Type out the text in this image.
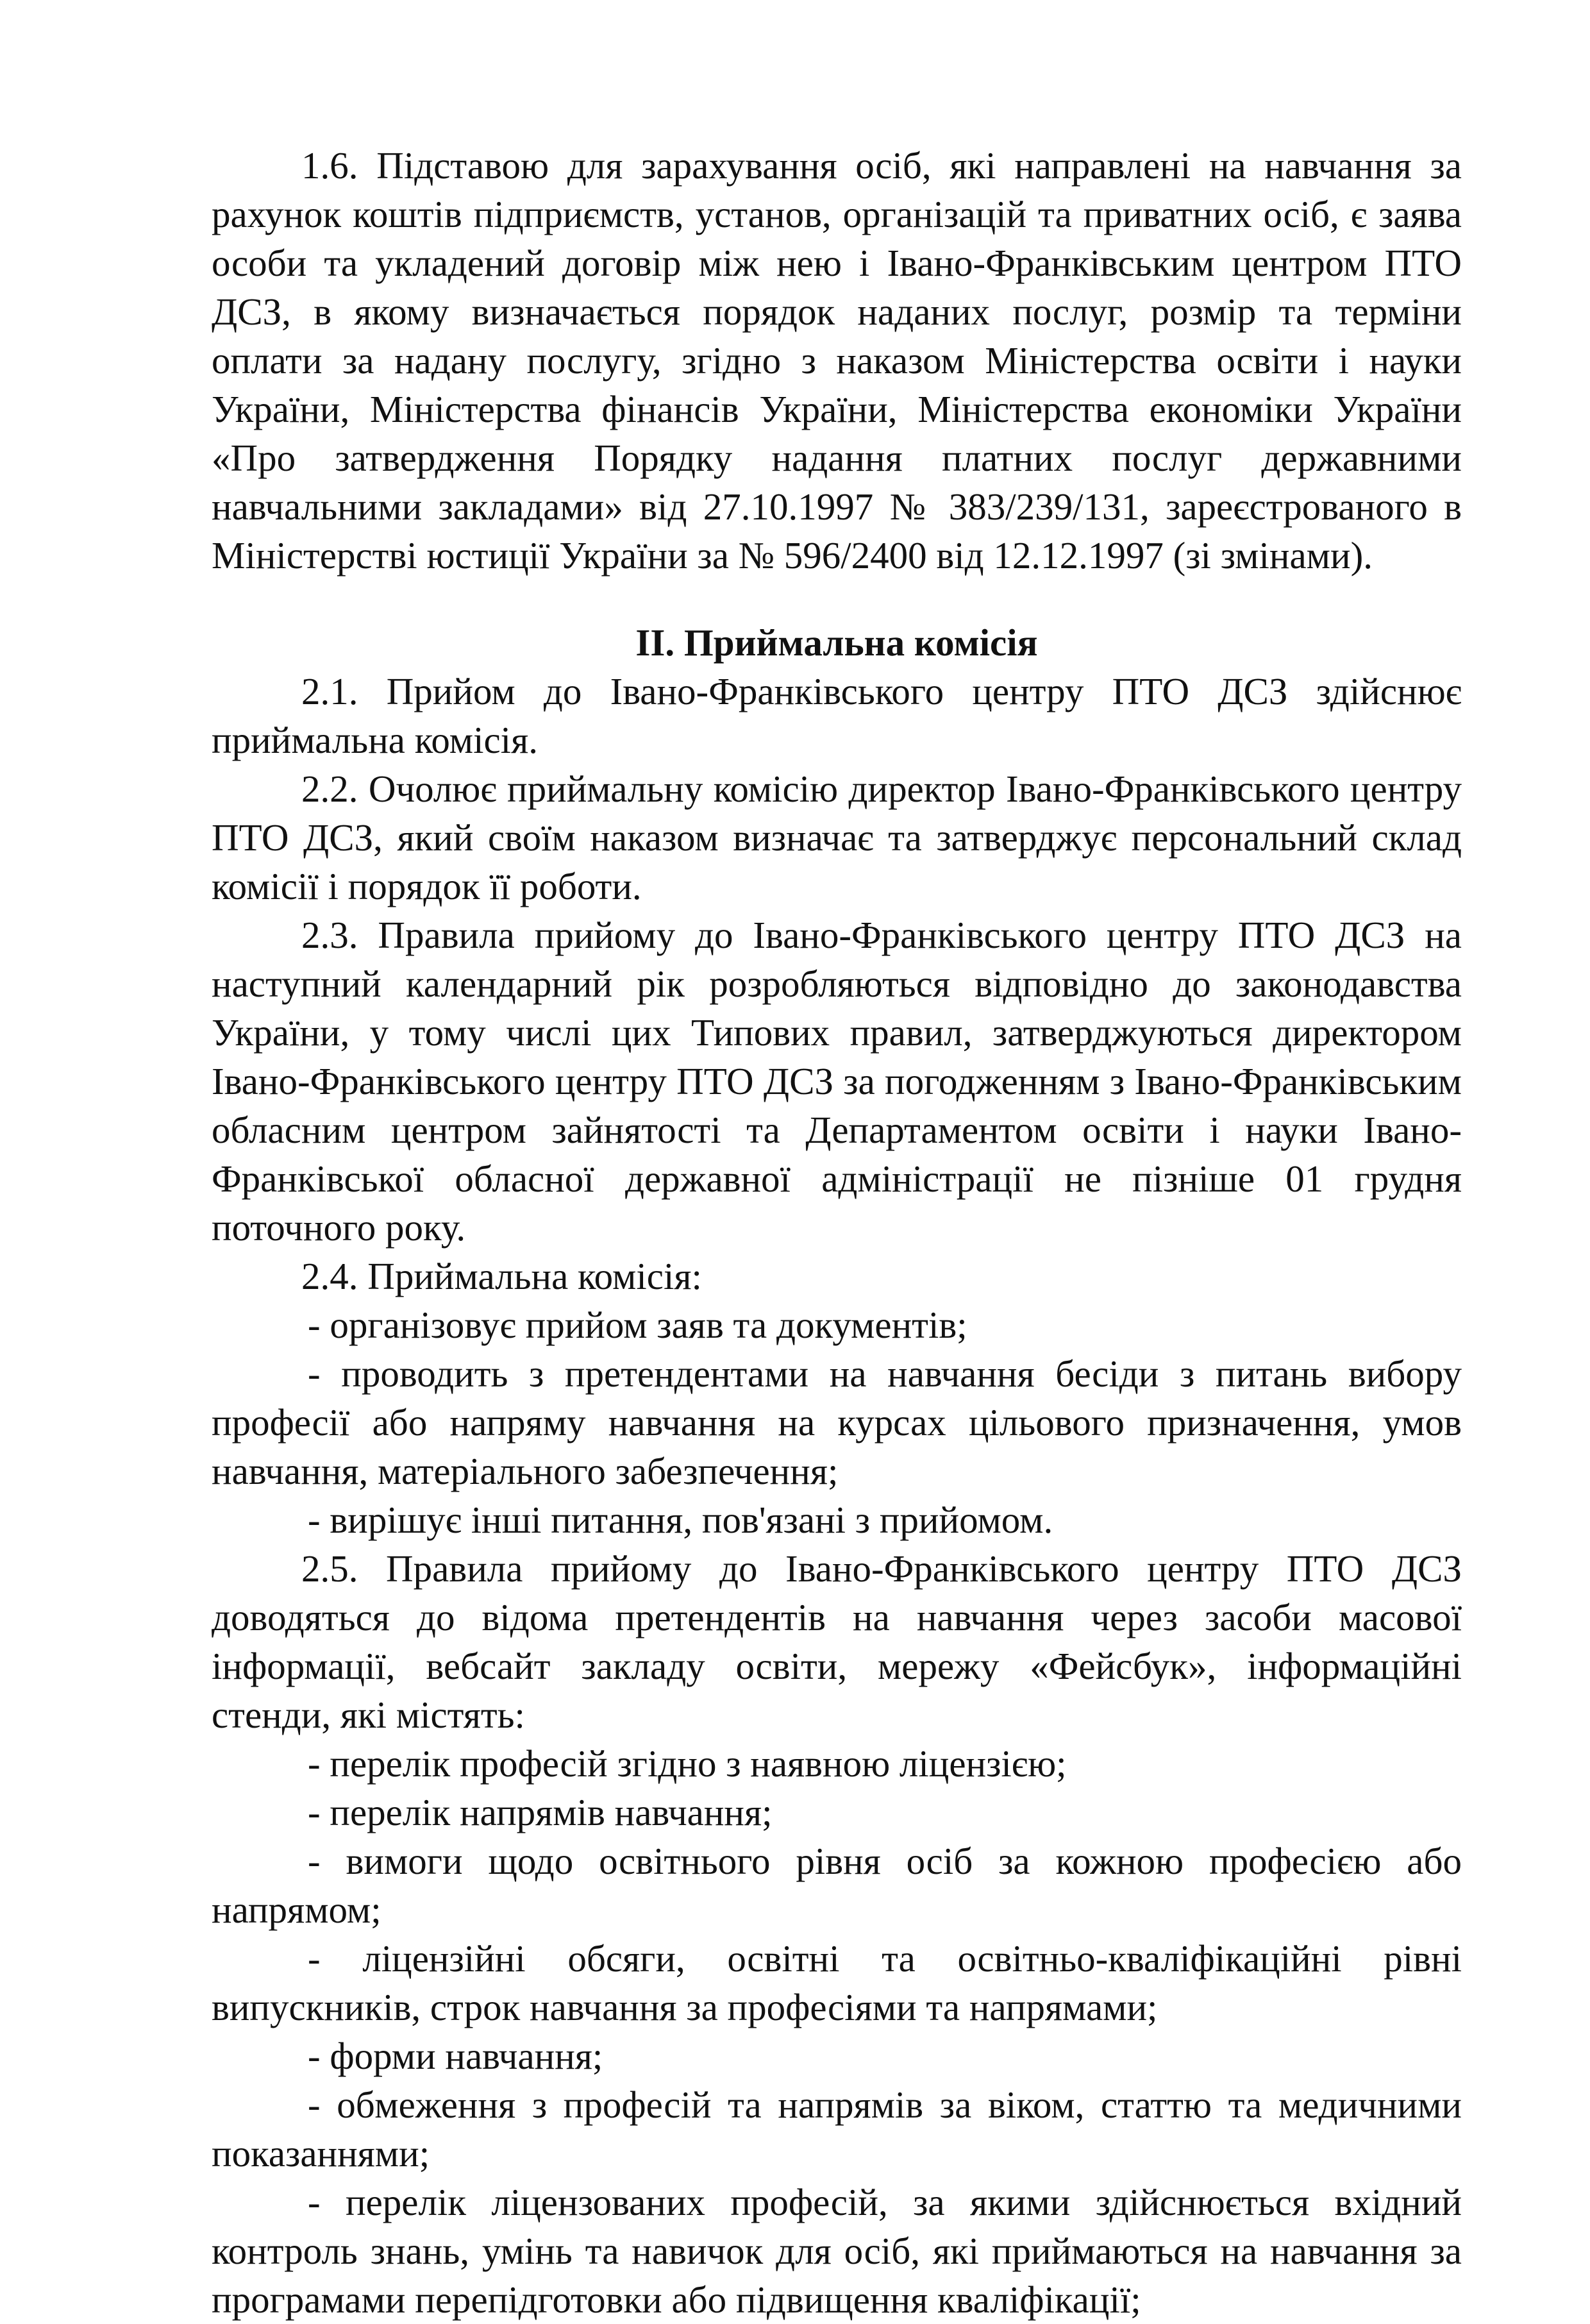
1.6. Підставою для зарахування осіб, які направлені на навчання за рахунок коштів підприємств, установ, організацій та приватних осіб, є заява особи та укладений договір між нею і Івано-Франківським центром ПТО ДСЗ, в якому визначається порядок наданих послуг, розмір та терміни оплати за надану послугу, згідно з наказом Міністерства освіти і науки України, Міністерства фінансів України, Міністерства економіки України «Про затвердження Порядку надання платних послуг державними навчальними закладами» від 27.10.1997 № 383/239/131, зареєстрованого в Міністерстві юстиції України за № 596/2400 від 12.12.1997 (зі змінами).

II. Приймальна комісія

2.1. Прийом до Івано-Франківського центру ПТО ДСЗ здійснює приймальна комісія.

2.2. Очолює приймальну комісію директор Івано-Франківського центру ПТО ДСЗ, який своїм наказом визначає та затверджує персональний склад комісії і порядок її роботи.

2.3. Правила прийому до Івано-Франківського центру ПТО ДСЗ на наступний календарний рік розробляються відповідно до законодавства України, у тому числі цих Типових правил, затверджуються директором Івано-Франківського центру ПТО ДСЗ за погодженням з Івано-Франківським обласним центром зайнятості та Департаментом освіти і науки Івано-Франківської обласної державної адміністрації не пізніше 01 грудня поточного року.

2.4. Приймальна комісія:

- організовує прийом заяв та документів;

- проводить з претендентами на навчання бесіди з питань вибору професії або напряму навчання на курсах цільового призначення, умов навчання, матеріального забезпечення;

- вирішує інші питання, пов'язані з прийомом.

2.5. Правила прийому до Івано-Франківського центру ПТО ДСЗ доводяться до відома претендентів на навчання через засоби масової інформації, вебсайт закладу освіти, мережу «Фейсбук», інформаційні стенди, які містять:

- перелік професій згідно з наявною ліцензією;

- перелік напрямів навчання;

- вимоги щодо освітнього рівня осіб за кожною професією або напрямом;

- ліцензійні обсяги, освітні та освітньо-кваліфікаційні рівні випускників, строк навчання за професіями та напрямами;

- форми навчання;

- обмеження з професій та напрямів за віком, статтю та медичними показаннями;

- перелік ліцензованих професій, за якими здійснюється вхідний контроль знань, умінь та навичок для осіб, які приймаються на навчання за програмами перепідготовки або підвищення кваліфікації;
